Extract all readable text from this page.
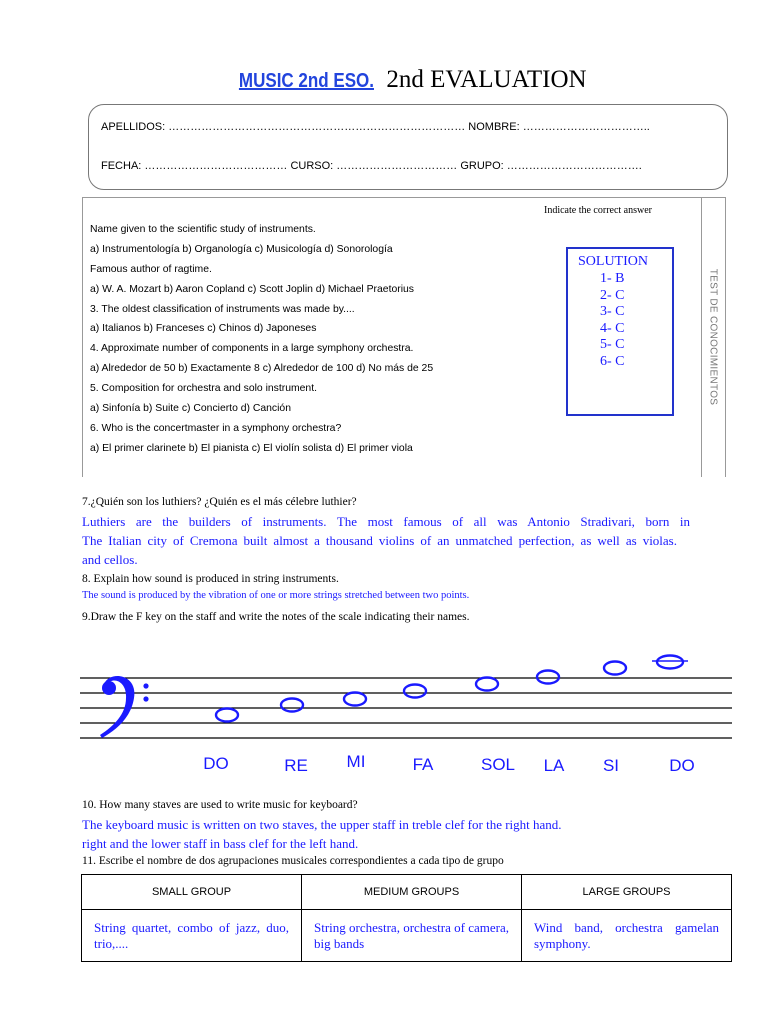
MUSIC 2nd ESO. 2nd EVALUATION
APELLIDOS: ……………………………………………………………………… NOMBRE: ……………………………..
FECHA: ………………………………… CURSO: …………………………… GRUPO: ……………………………….
TEST DE CONOCIMIENTOS
Indicate the correct answer
Name given to the scientific study of instruments.
a) Instrumentología b) Organología c) Musicología d) Sonorología
Famous author of ragtime.
a) W. A. Mozart b) Aaron Copland c) Scott Joplin d) Michael Praetorius
3. The oldest classification of instruments was made by....
a) Italianos b) Franceses c) Chinos d) Japoneses
4. Approximate number of components in a large symphony orchestra.
a) Alrededor de 50 b) Exactamente 8 c) Alrededor de 100 d) No más de 25
5. Composition for orchestra and solo instrument.
a) Sinfonía b) Suite c) Concierto d) Canción
6. Who is the concertmaster in a symphony orchestra?
a) El primer clarinete b) El pianista c) El violín solista d) El primer viola
SOLUTION
1- B
2- C
3- C
4- C
5- C
6- C
7.¿Quién son los luthiers? ¿Quién es el más célebre luthier?
Luthiers are the builders of instruments. The most famous of all was Antonio Stradivari, born in
The Italian city of Cremona built almost a thousand violins of an unmatched perfection, as well as violas.
and cellos.
8. Explain how sound is produced in string instruments.
The sound is produced by the vibration of one or more strings stretched between two points.
9.Draw the F key on the staff and write the notes of the scale indicating their names.
DO	RE MI	FA	SOL LA SI	DO
10. How many staves are used to write music for keyboard?
The keyboard music is written on two staves, the upper staff in treble clef for the right hand.
right and the lower staff in bass clef for the left hand.
11. Escribe el nombre de dos agrupaciones musicales correspondientes a cada tipo de grupo
SMALL GROUP	MEDIUM GROUPS	LARGE GROUPS
String quartet, combo of jazz, duo, trio,....	String orchestra, orchestra of camera, big bands	Wind band, orchestra gamelan symphony.
